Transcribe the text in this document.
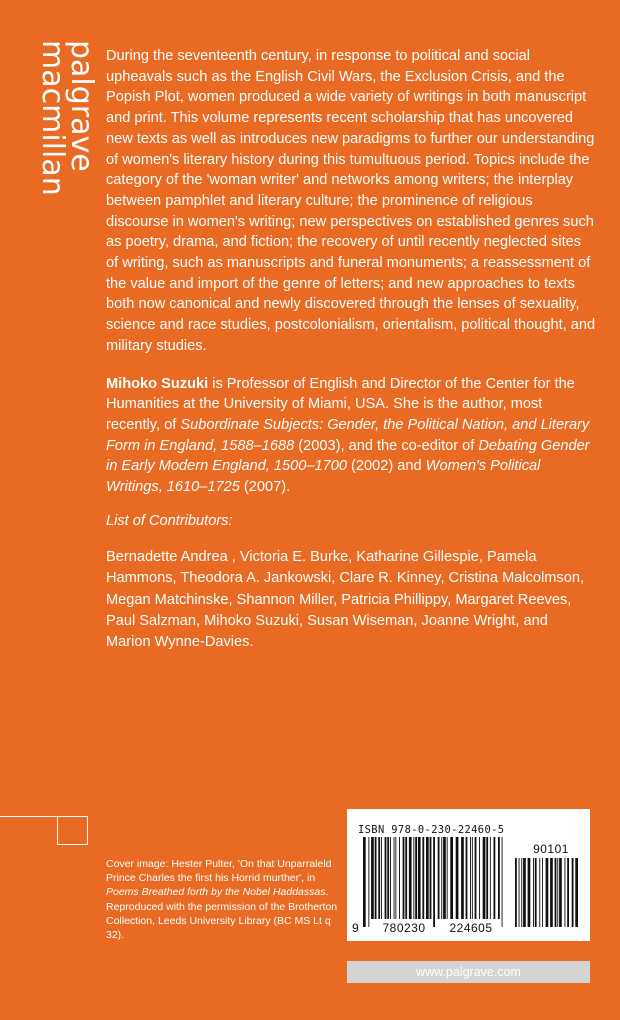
palgrave
macmillan During the seventeenth century, in response to political and social upheavals such as the English Civil Wars, the Exclusion Crisis, and the Popish Plot, women produced a wide variety of writings in both manuscript and print. This volume represents recent scholarship that has uncovered new texts as well as introduces new paradigms to further our understanding of women's literary history during this tumultuous period. Topics include the category of the 'woman writer' and networks among writers; the interplay between pamphlet and literary culture; the prominence of religious discourse in women's writing; new perspectives on established genres such as poetry, drama, and fiction; the recovery of until recently neglected sites of writing, such as manuscripts and funeral monuments; a reassessment of the value and import of the genre of letters; and new approaches to texts both now canonical and newly discovered through the lenses of sexuality, science and race studies, postcolonialism, orientalism, political thought, and military studies.

Mihoko Suzuki is Professor of English and Director of the Center for the Humanities at the University of Miami, USA. She is the author, most recently, of Subordinate Subjects: Gender, the Political Nation, and Literary Form in England, 1588–1688 (2003), and the co-editor of Debating Gender in Early Modern England, 1500–1700 (2002) and Women's Political Writings, 1610–1725 (2007).

List of Contributors:

Bernadette Andrea , Victoria E. Burke, Katharine Gillespie, Pamela Hammons, Theodora A. Jankowski, Clare R. Kinney, Cristina Malcolmson, Megan Matchinske, Shannon Miller, Patricia Phillippy, Margaret Reeves, Paul Salzman, Mihoko Suzuki, Susan Wiseman, Joanne Wright, and Marion Wynne-Davies.

Cover image: Hester Pulter, 'On that Unparraleld Prince Charles the first his Horrid murther', in Poems Breathed forth by the Nobel Haddassas. Reproduced with the permission of the Brotherton Collection, Leeds University Library (BC MS Lt q 32).

ISBN 978-0-230-22460-5
9 780230 224605
90101
www.palgrave.com
